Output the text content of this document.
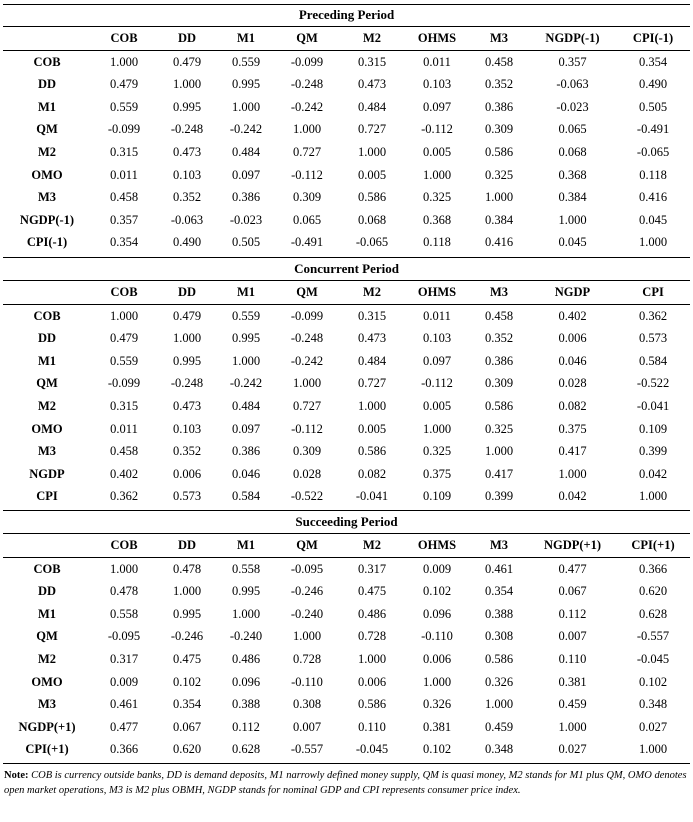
Preceding Period									
	COB	DD	M1	QM	M2	OHMS	M3	NGDP(-1)	CPI(-1)
COB	1.000	0.479	0.559	-0.099	0.315	0.011	0.458	0.357	0.354
DD	0.479	1.000	0.995	-0.248	0.473	0.103	0.352	-0.063	0.490
M1	0.559	0.995	1.000	-0.242	0.484	0.097	0.386	-0.023	0.505
QM	-0.099	-0.248	-0.242	1.000	0.727	-0.112	0.309	0.065	-0.491
M2	0.315	0.473	0.484	0.727	1.000	0.005	0.586	0.068	-0.065
OMO	0.011	0.103	0.097	-0.112	0.005	1.000	0.325	0.368	0.118
M3	0.458	0.352	0.386	0.309	0.586	0.325	1.000	0.384	0.416
NGDP(-1)	0.357	-0.063	-0.023	0.065	0.068	0.368	0.384	1.000	0.045
CPI(-1)	0.354	0.490	0.505	-0.491	-0.065	0.118	0.416	0.045	1.000
Concurrent Period									
	COB	DD	M1	QM	M2	OHMS	M3	NGDP	CPI
COB	1.000	0.479	0.559	-0.099	0.315	0.011	0.458	0.402	0.362
DD	0.479	1.000	0.995	-0.248	0.473	0.103	0.352	0.006	0.573
M1	0.559	0.995	1.000	-0.242	0.484	0.097	0.386	0.046	0.584
QM	-0.099	-0.248	-0.242	1.000	0.727	-0.112	0.309	0.028	-0.522
M2	0.315	0.473	0.484	0.727	1.000	0.005	0.586	0.082	-0.041
OMO	0.011	0.103	0.097	-0.112	0.005	1.000	0.325	0.375	0.109
M3	0.458	0.352	0.386	0.309	0.586	0.325	1.000	0.417	0.399
NGDP	0.402	0.006	0.046	0.028	0.082	0.375	0.417	1.000	0.042
CPI	0.362	0.573	0.584	-0.522	-0.041	0.109	0.399	0.042	1.000
Succeeding Period									
	COB	DD	M1	QM	M2	OHMS	M3	NGDP(+1)	CPI(+1)
COB	1.000	0.478	0.558	-0.095	0.317	0.009	0.461	0.477	0.366
DD	0.478	1.000	0.995	-0.246	0.475	0.102	0.354	0.067	0.620
M1	0.558	0.995	1.000	-0.240	0.486	0.096	0.388	0.112	0.628
QM	-0.095	-0.246	-0.240	1.000	0.728	-0.110	0.308	0.007	-0.557
M2	0.317	0.475	0.486	0.728	1.000	0.006	0.586	0.110	-0.045
OMO	0.009	0.102	0.096	-0.110	0.006	1.000	0.326	0.381	0.102
M3	0.461	0.354	0.388	0.308	0.586	0.326	1.000	0.459	0.348
NGDP(+1)	0.477	0.067	0.112	0.007	0.110	0.381	0.459	1.000	0.027
CPI(+1)	0.366	0.620	0.628	-0.557	-0.045	0.102	0.348	0.027	1.000
Note: COB is currency outside banks, DD is demand deposits, M1 narrowly defined money supply, QM is quasi money, M2 stands for M1 plus QM, OMO denotes open market operations, M3 is M2 plus OBMH, NGDP stands for nominal GDP and CPI represents consumer price index.
